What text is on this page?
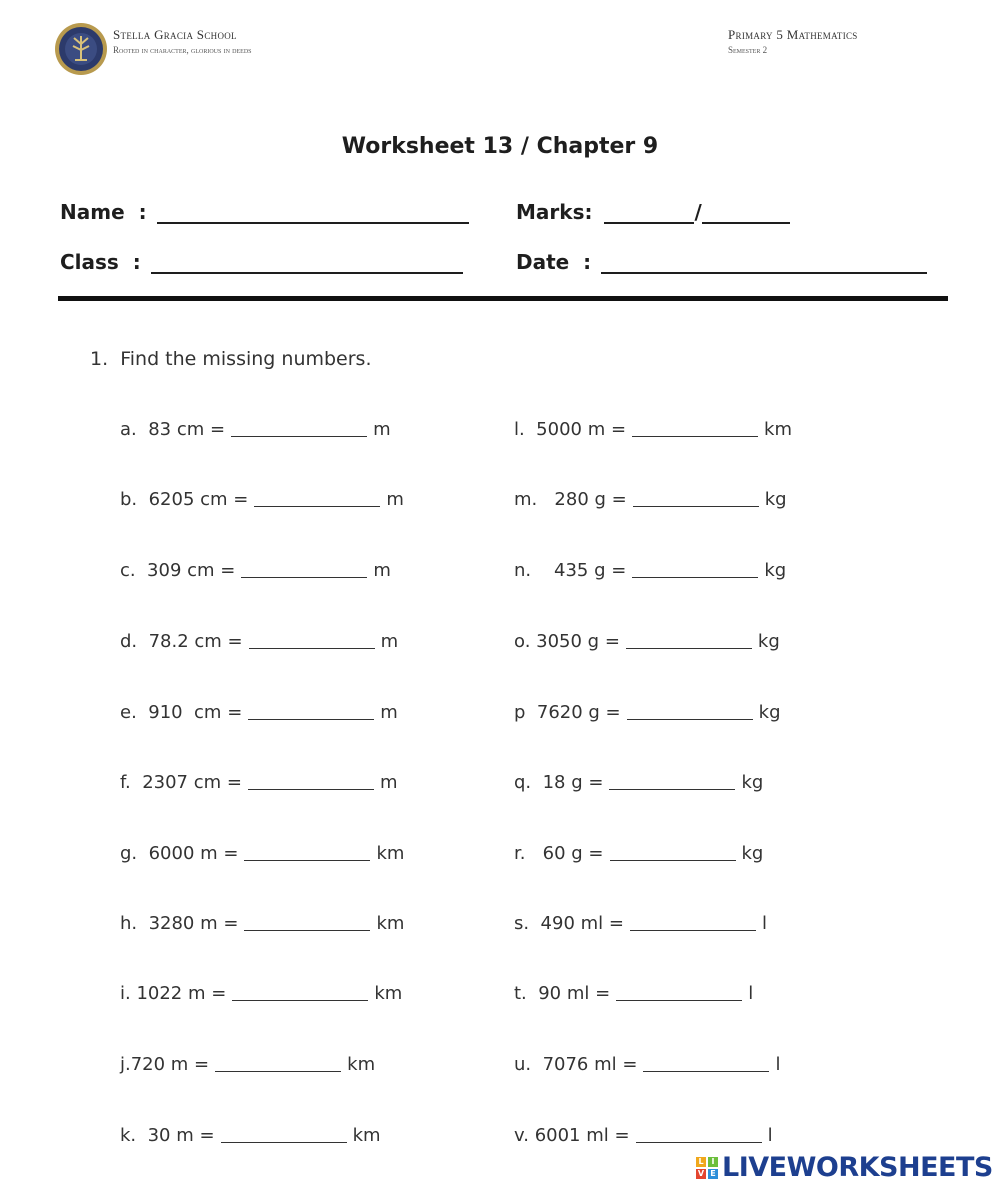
Stella Gracia School
Rooted in character, glorious in deeds
Primary 5 Mathematics
Semester 2
Worksheet 13 / Chapter 9
Name  :
Class  :
Marks:	/
Date  :
1.  Find the missing numbers.
a.  83 cm =	m
b.  6205 cm =	m
c.  309 cm =	m
d.  78.2 cm =	m
e.  910  cm =	m
f.  2307 cm =	m
g.  6000 m =	km
h.  3280 m =	km
i. 1022 m =	km
j.720 m =	km
k.  30 m =	km
l.  5000 m =	km
m.   280 g =	kg
n.    435 g =	kg
o. 3050 g =	kg
p  7620 g =	kg
q.  18 g =	kg
r.   60 g =	kg
s.  490 ml =	l
t.  90 ml =	l
u.  7076 ml =	l
v. 6001 ml =	l
L I
V E LIVEWORKSHEETS
